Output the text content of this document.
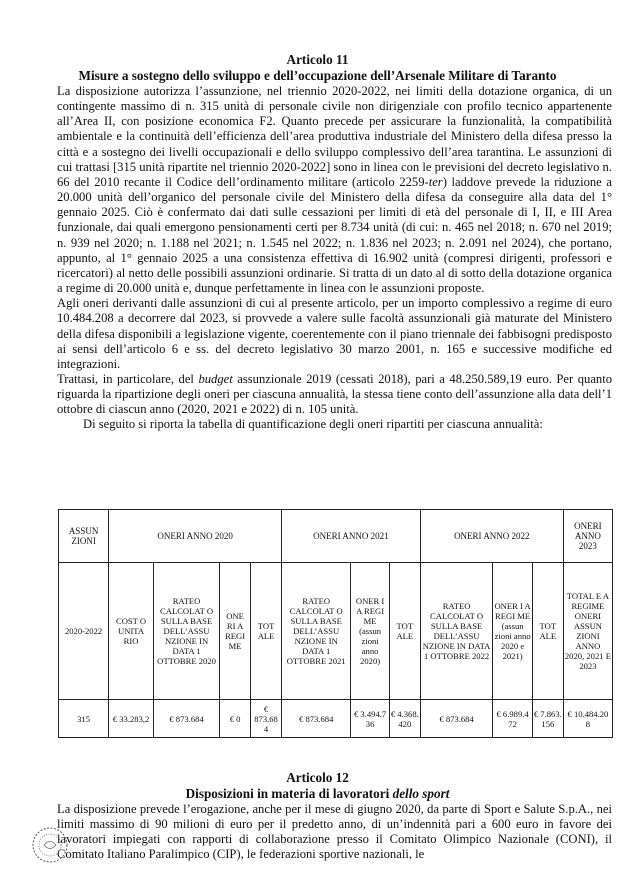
Articolo 11
Misure a sostegno dello sviluppo e dell’occupazione dell’Arsenale Militare di Taranto

La disposizione autorizza l’assunzione, nel triennio 2020-2022, nei limiti della dotazione organica, di un contingente massimo di n. 315 unità di personale civile non dirigenziale con profilo tecnico appartenente all’Area II, con posizione economica F2. Quanto precede per assicurare la funzionalità, la compatibilità ambientale e la continuità dell’efficienza dell’area produttiva industriale del Ministero della difesa presso la città e a sostegno dei livelli occupazionali e dello sviluppo complessivo dell’area tarantina. Le assunzioni di cui trattasi [315 unità ripartite nel triennio 2020-2022] sono in linea con le previsioni del decreto legislativo n. 66 del 2010 recante il Codice dell’ordinamento militare (articolo 2259-ter) laddove prevede la riduzione a 20.000 unità dell’organico del personale civile del Ministero della difesa da conseguire alla data del 1° gennaio 2025. Ciò è confermato dai dati sulle cessazioni per limiti di età del personale di I, II, e III Area funzionale, dai quali emergono pensionamenti certi per 8.734 unità (di cui: n. 465 nel 2018; n. 670 nel 2019; n. 939 nel 2020; n. 1.188 nel 2021; n. 1.545 nel 2022; n. 1.836 nel 2023; n. 2.091 nel 2024), che portano, appunto, al 1° gennaio 2025 a una consistenza effettiva di 16.902 unità (compresi dirigenti, professori e ricercatori) al netto delle possibili assunzioni ordinarie. Si tratta di un dato al di sotto della dotazione organica a regime di 20.000 unità e, dunque perfettamente in linea con le assunzioni proposte.

Agli oneri derivanti dalle assunzioni di cui al presente articolo, per un importo complessivo a regime di euro 10.484.208 a decorrere dal 2023, si provvede a valere sulle facoltà assunzionali già maturate del Ministero della difesa disponibili a legislazione vigente, coerentemente con il piano triennale dei fabbisogni predisposto ai sensi dell’articolo 6 e ss. del decreto legislativo 30 marzo 2001, n. 165 e successive modifiche ed integrazioni.

Trattasi, in particolare, del budget assunzionale 2019 (cessati 2018), pari a 48.250.589,19 euro. Per quanto riguarda la ripartizione degli oneri per ciascuna annualità, la stessa tiene conto dell’assunzione alla data dell’1 ottobre di ciascun anno (2020, 2021 e 2022) di n. 105 unità.

Di seguito si riporta la tabella di quantificazione degli oneri ripartiti per ciascuna annualità:

ASSUN ZIONI	ONERI ANNO 2020				ONERI ANNO 2021			ONERI ANNO 2022			ONERI ANNO 2023
2020-2022	COST O UNITA RIO	RATEO CALCOLAT O SULLA BASE DELL’ASSU NZIONE IN DATA 1 OTTOBRE 2020	ONE RI A REGI ME	TOT ALE	RATEO CALCOLAT O SULLA BASE DELL’ASSU NZIONE IN DATA 1 OTTOBRE 2021	ONER I A REGI ME (assun zioni anno 2020)	TOT ALE	RATEO CALCOLAT O SULLA BASE DELL’ASSU NZIONE IN DATA 1 OTTOBRE 2022	ONER I A REGI ME (assun zioni anno 2020 e 2021)	TOT ALE	TOTAL E A REGIME ONERI ASSUN ZIONI ANNO 2020, 2021 E 2023
315	€ 33.283,2	€ 873.684	€ 0	€ 873.68 4	€ 873.684	€ 3.494.7 36	€ 4.368. 420	€ 873.684	€ 6.989.4 72	€ 7.863. 156	€ 10.484.20 8
Articolo 12
Disposizioni in materia di lavoratori dello sport

La disposizione prevede l’erogazione, anche per il mese di giugno 2020, da parte di Sport e Salute S.p.A., nei limiti massimo di 90 milioni di euro per il predetto anno, di un’indennità pari a 600 euro in favore dei lavoratori impiegati con rapporti di collaborazione presso il Comitato Olimpico Nazionale (CONI), il Comitato Italiano Paralimpico (CIP), le federazioni sportive nazionali, le
